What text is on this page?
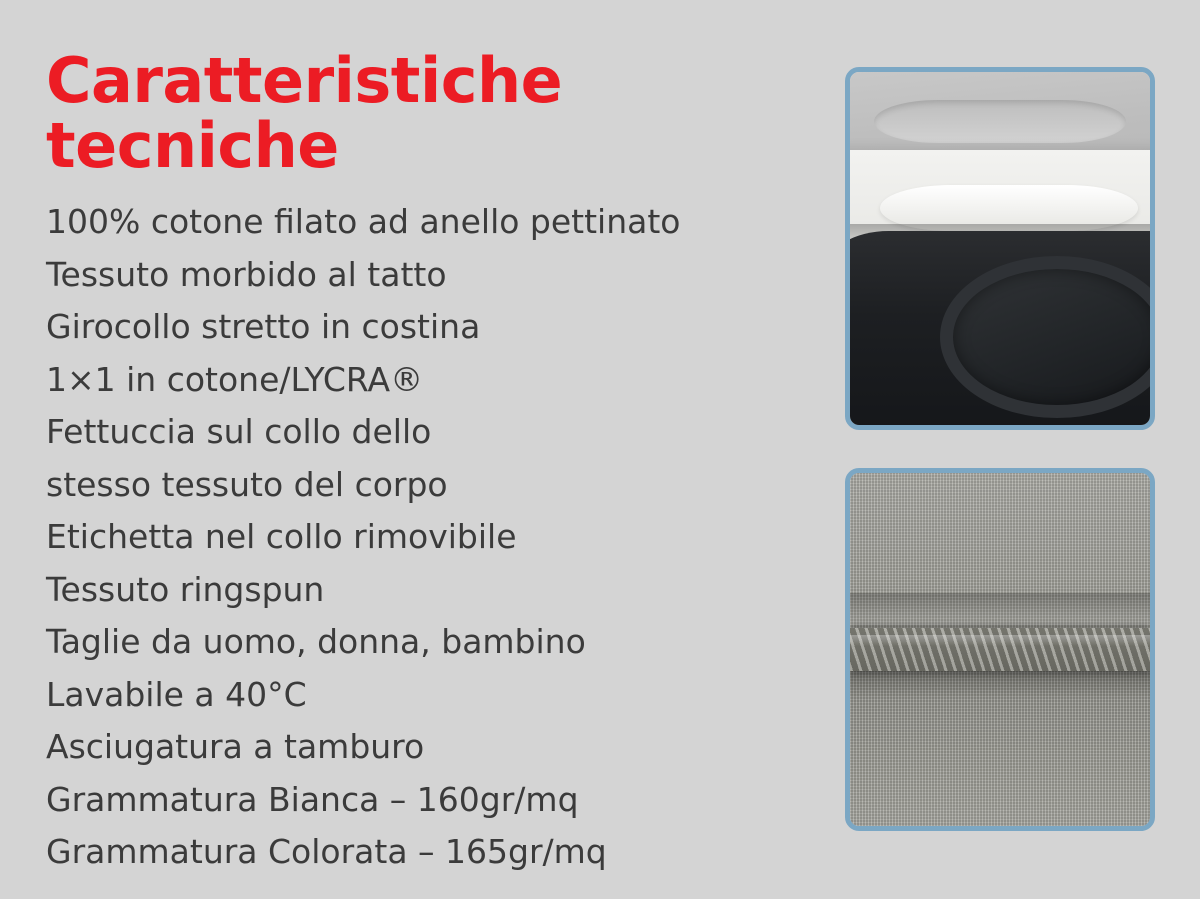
Caratteristiche tecniche
100% cotone filato ad anello pettinato
Tessuto morbido al tatto
Girocollo stretto in costina
1×1 in cotone/LYCRA®
Fettuccia sul collo dello
stesso tessuto del corpo
Etichetta nel collo rimovibile
Tessuto ringspun
Taglie da uomo, donna, bambino
Lavabile a 40°C
Asciugatura a tamburo
Grammatura Bianca – 160gr/mq
Grammatura Colorata – 165gr/mq
